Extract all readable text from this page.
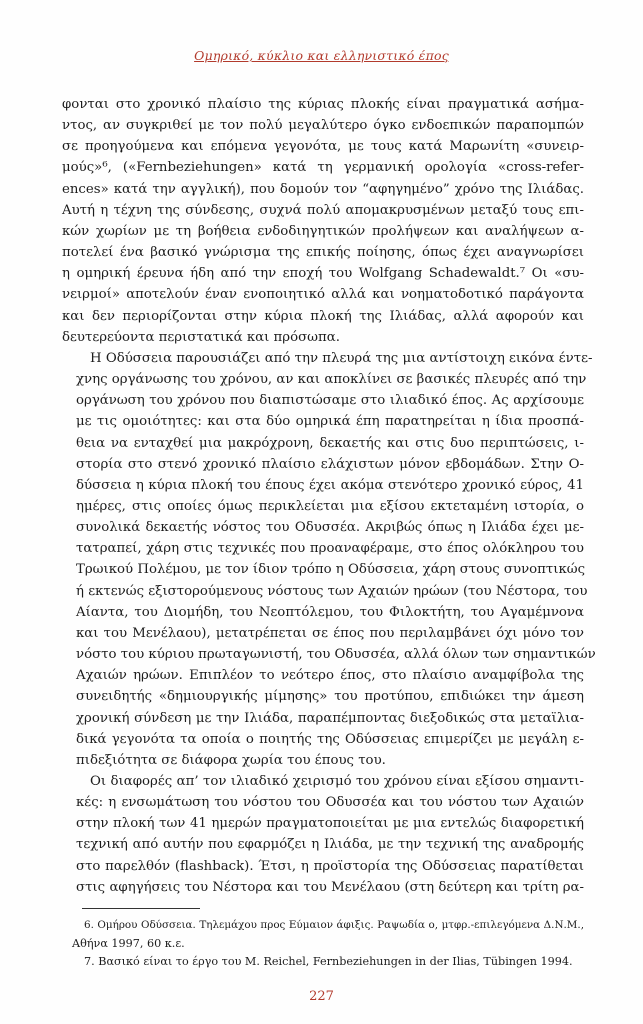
Ομηρικό, κύκλιο και ελληνιστικό έπος

φονται στο χρονικό πλαίσιο της κύριας πλοκής είναι πραγματικά ασήμα-
ντος, αν συγκριθεί με τον πολύ μεγαλύτερο όγκο ενδοεπικών παραπομπών
σε προηγούμενα και επόμενα γεγονότα, με τους κατά Μαρωνίτη «συνειρ-
μούς»⁶, («Fernbeziehungen» κατά τη γερμανική ορολογία «cross-refer-
ences» κατά την αγγλική), που δομούν τον “αφηγημένο” χρόνο της Ιλιάδας.
Αυτή η τέχνη της σύνδεσης, συχνά πολύ απομακρυσμένων μεταξύ τους επι-
κών χωρίων με τη βοήθεια ενδοδιηγητικών προλήψεων και αναλήψεων α-
ποτελεί ένα βασικό γνώρισμα της επικής ποίησης, όπως έχει αναγνωρίσει
η ομηρική έρευνα ήδη από την εποχή του Wolfgang Schadewaldt.⁷ Οι «συ-
νειρμοί» αποτελούν έναν ενοποιητικό αλλά και νοηματοδοτικό παράγοντα
και δεν περιορίζονται στην κύρια πλοκή της Ιλιάδας, αλλά αφορούν και
δευτερεύοντα περιστατικά και πρόσωπα.

Η Οδύσσεια παρουσιάζει από την πλευρά της μια αντίστοιχη εικόνα έντε-
χνης οργάνωσης του χρόνου, αν και αποκλίνει σε βασικές πλευρές από την
οργάνωση του χρόνου που διαπιστώσαμε στο ιλιαδικό έπος. Ας αρχίσουμε
με τις ομοιότητες: και στα δύο ομηρικά έπη παρατηρείται η ίδια προσπά-
θεια να ενταχθεί μια μακρόχρονη, δεκαετής και στις δυο περιπτώσεις, ι-
στορία στο στενό χρονικό πλαίσιο ελάχιστων μόνον εβδομάδων. Στην Ο-
δύσσεια η κύρια πλοκή του έπους έχει ακόμα στενότερο χρονικό εύρος, 41
ημέρες, στις οποίες όμως περικλείεται μια εξίσου εκτεταμένη ιστορία, ο
συνολικά δεκαετής νόστος του Οδυσσέα. Ακριβώς όπως η Ιλιάδα έχει με-
τατραπεί, χάρη στις τεχνικές που προαναφέραμε, στο έπος ολόκληρου του
Τρωικού Πολέμου, με τον ίδιον τρόπο η Οδύσσεια, χάρη στους συνοπτικώς
ή εκτενώς εξιστορούμενους νόστους των Αχαιών ηρώων (του Νέστορα, του
Αίαντα, του Διομήδη, του Νεοπτόλεμου, του Φιλοκτήτη, του Αγαμέμνονα
και του Μενέλαου), μετατρέπεται σε έπος που περιλαμβάνει όχι μόνο τον
νόστο του κύριου πρωταγωνιστή, του Οδυσσέα, αλλά όλων των σημαντικών
Αχαιών ηρώων. Επιπλέον το νεότερο έπος, στο πλαίσιο αναμφίβολα της
συνειδητής «δημιουργικής μίμησης» του προτύπου, επιδιώκει την άμεση
χρονική σύνδεση με την Ιλιάδα, παραπέμποντας διεξοδικώς στα μεταϊλια-
δικά γεγονότα τα οποία ο ποιητής της Οδύσσειας επιμερίζει με μεγάλη ε-
πιδεξιότητα σε διάφορα χωρία του έπους του.

Οι διαφορές απ’ τον ιλιαδικό χειρισμό του χρόνου είναι εξίσου σημαντι-
κές: η ενσωμάτωση του νόστου του Οδυσσέα και του νόστου των Αχαιών
στην πλοκή των 41 ημερών πραγματοποιείται με μια εντελώς διαφορετική
τεχνική από αυτήν που εφαρμόζει η Ιλιάδα, με την τεχνική της αναδρομής
στο παρελθόν (flashback). Έτσι, η προϊστορία της Οδύσσειας παρατίθεται
στις αφηγήσεις του Νέστορα και του Μενέλαου (στη δεύτερη και τρίτη ρα-

6. Ομήρου Οδύσσεια. Τηλεμάχου προς Εύμαιον άφιξις. Ραψωδία ο, μτφρ.-επιλεγόμενα Δ.Ν.Μ.,
Αθήνα 1997, 60 κ.ε.
7. Βασικό είναι το έργο του M. Reichel, Fernbeziehungen in der Ilias, Tübingen 1994.
227
